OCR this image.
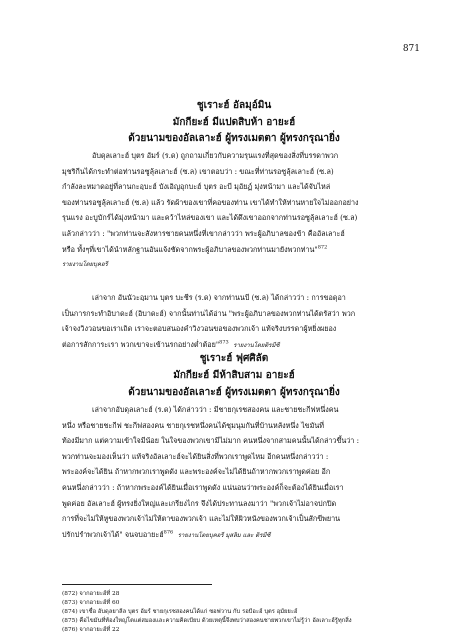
871
ชูเราะฮ์ อัลมุอ์มิน
มักกียะฮ์ มีแปดสิบห้า อายะฮ์
ด้วยนามของอัลเลาะฮ์ ผู้ทรงเมตตา ผู้ทรงกรุณายิ่ง
อับดุลเลาะฮ์ บุตร อัมร์ (ร.ด) ถูกถามเกี่ยวกับความรุนแรงที่สุดของสิ่งที่บรรดาพวก
มุชริกีนได้กระทำต่อท่านรอซูลุ้ลเลาะฮ์ (ซ.ล) เขาตอบว่า : ขณะที่ท่านรอซูลุ้ลเลาะฮ์ (ซ.ล)
กำลังละหมาดอยู่ที่ลานกะอฺบะฮ์ บังเอิญอุกบะฮ์ บุตร อะบี มุอัยฏ์ มุ่งหน้ามา และได้จับไหล่
ของท่านรอซูลุ้ลเลาะฮ์ (ซ.ล) แล้ว รัดผ้าของเขาที่คอของท่าน เขาได้ทำให้ท่านหายใจไม่ออกอย่าง
รุนแรง อะบูบักร์ได้มุ่งหน้ามา และคว้าไหล่ของเขา และได้ดึงเขาออกจากท่านรอซูลุ้ลเลาะฮ์ (ซ.ล)
แล้วกล่าวว่า : "พวกท่านจะสังหารชายคนหนึ่งที่เขากล่าวว่า พระผู้อภิบาลของข้า คืออัลเลาะฮ์
หรือ ทั้งๆที่เขาได้นำหลักฐานอันแจ้งชัดจากพระผู้อภิบาลของพวกท่านมายังพวกท่าน"$^{872}$
รายงานโดยบุคอรี
เล่าจาก อันนัวะอฺมาน บุตร บะชีร (ร.ด) จากท่านนบี (ซ.ล) ได้กล่าวว่า : การขอดุอา
เป็นการกระทำอิบาดะฮ์ (อิบาดะฮ์) จากนั้นท่านได้อ่าน "พระผู้อภิบาลของพวกท่านได้ตรัสว่า พวก
เจ้าจงวิงวอนขอเราเถิด เราจะตอบสนองคำวิงวอนขอของพวกเจ้า แท้จริงบรรดาผู้หยิ่งผยอง
ต่อการสักการะเรา พวกเขาจะเข้านรกอย่างต่ำต้อย"$^{873}$ รายงานโดยติรมีซี
ชูเราะฮ์ ฟุศศิลัต
มักกียะฮ์ มีห้าสิบสาม อายะฮ์
ด้วยนามของอัลเลาะฮ์ ผู้ทรงเมตตา ผู้ทรงกรุณายิ่ง
เล่าจากอับดุลเลาะฮ์ (ร.ด) ได้กล่าวว่า : มีชายกุเรชสองคน และชายชะกีฟหนึ่งคน
หนึ่ง หรือชายชะกีฟ ชะกีฟสองคน ชายกุเรชหนึ่งคนได้ชุมนุมกันที่บ้านหลังหนึ่ง ไขมันที่
ท้องมีมาก แต่ความเข้าใจมีน้อย ในใจของพวกเขามีไม่มาก คนหนึ่งจากสามคนนั้นได้กล่าวขึ้นว่า :
พวกท่านจะมองเห็นว่า แท้จริงอัลเลาะฮ์จะได้ยินสิ่งที่พวกเราพูดไหม อีกคนหนึ่งกล่าวว่า :
พระองค์จะได้ยิน ถ้าหากพวกเราพูดดัง และพระองค์จะไม่ได้ยินถ้าหากพวกเราพูดค่อย อีก
คนหนึ่งกล่าวว่า : ถ้าหากพระองค์ได้ยินเมื่อเราพูดดัง แน่นอนว่าพระองค์ก็จะต้องได้ยินเมื่อเรา
พูดค่อย อัลเลาะฮ์ ผู้ทรงยิ่งใหญ่และเกรียงไกร จึงได้ประทานลงมาว่า "พวกเจ้าไม่อาจปกปิด
การที่จะไม่ให้หูของพวกเจ้าไม่ให้ตาของพวกเจ้า และไม่ให้ผิวหนังของพวกเจ้าเป็นสักขีพยาน
ปรักปรำพวกเจ้าได้" จนจบอายะฮ์$^{876}$ รายงานโดยบุคอรี มุสลิม และ ติรมีซี
(872) จากอายะฮ์ที่ 28
(873) จากอายะฮ์ที่ 60
(874) เขาชื่อ อับดุลยาลีล บุตร อัมร์ ชายกุเรชสองคนได้แก่ ซอฟวาน กับ รอบีอะฮ์ บุตร อุมัยยะฮ์
(875) คือไขมันที่ท้องใหญ่โตแต่สมองและความคิดเบียบ ด้วยเหตุนี้จึงพบว่าสองคนชายพวกเขาไม่รู้ว่า อัลเลาะฮ์รู้ทุกสิ่ง
(876) จากอายะฮ์ที่ 22
